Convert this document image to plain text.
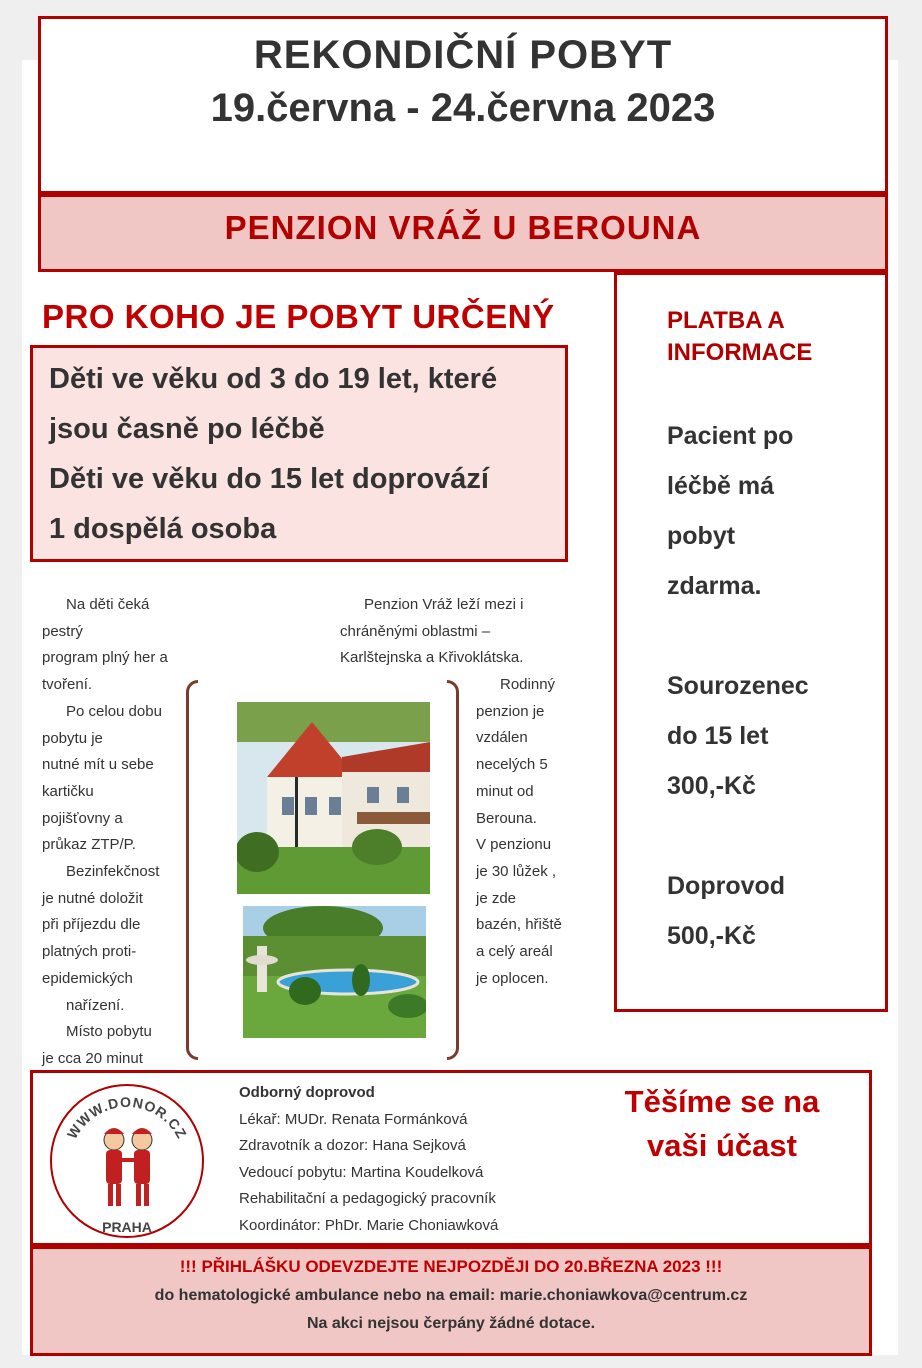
REKONDIČNÍ POBYT
19.června - 24.června 2023
PENZION VRÁŽ U BEROUNA
PRO KOHO JE POBYT URČENÝ
Děti ve věku od 3 do 19 let, které
jsou časně po léčbě
Děti ve věku do 15 let doprovází
1 dospělá osoba
PLATBA A
INFORMACE
Pacient po
léčbě má
pobyt
zdarma.
Sourozenec
do 15 let
300,-Kč
Doprovod
500,-Kč
Na děti čeká pestrý
program plný her a tvoření.
Po celou dobu pobytu je
nutné mít u sebe
kartičku
pojišťovny a
průkaz ZTP/P.
Bezinfekčnost
je nutné doložit
při příjezdu dle
platných proti-
epidemických
nařízení.
Místo pobytu
je cca 20 minut
Penzion Vráž leží mezi i
chráněnými oblastmi –
Karlštejnska a Křivoklátska.
Rodinný
penzion je
vzdálen
necelých 5
minut od
Berouna.
V penzionu
je 30 lůžek ,
je zde
bazén, hřiště
a celý areál
je oplocen.
WWW.DONOR.CZ
PRAHA
Odborný doprovod
Lékař: MUDr. Renata Formánková
Zdravotník a dozor: Hana Sejková
Vedoucí pobytu: Martina Koudelková
Rehabilitační a pedagogický pracovník
Koordinátor: PhDr. Marie Choniawková
Těšíme se na
vaši účast
!!! PŘIHLÁŠKU ODEVZDEJTE NEJPOZDĚJI DO 20.BŘEZNA 2023 !!!
do hematologické ambulance nebo na email: marie.choniawkova@centrum.cz
Na akci nejsou čerpány žádné dotace.
